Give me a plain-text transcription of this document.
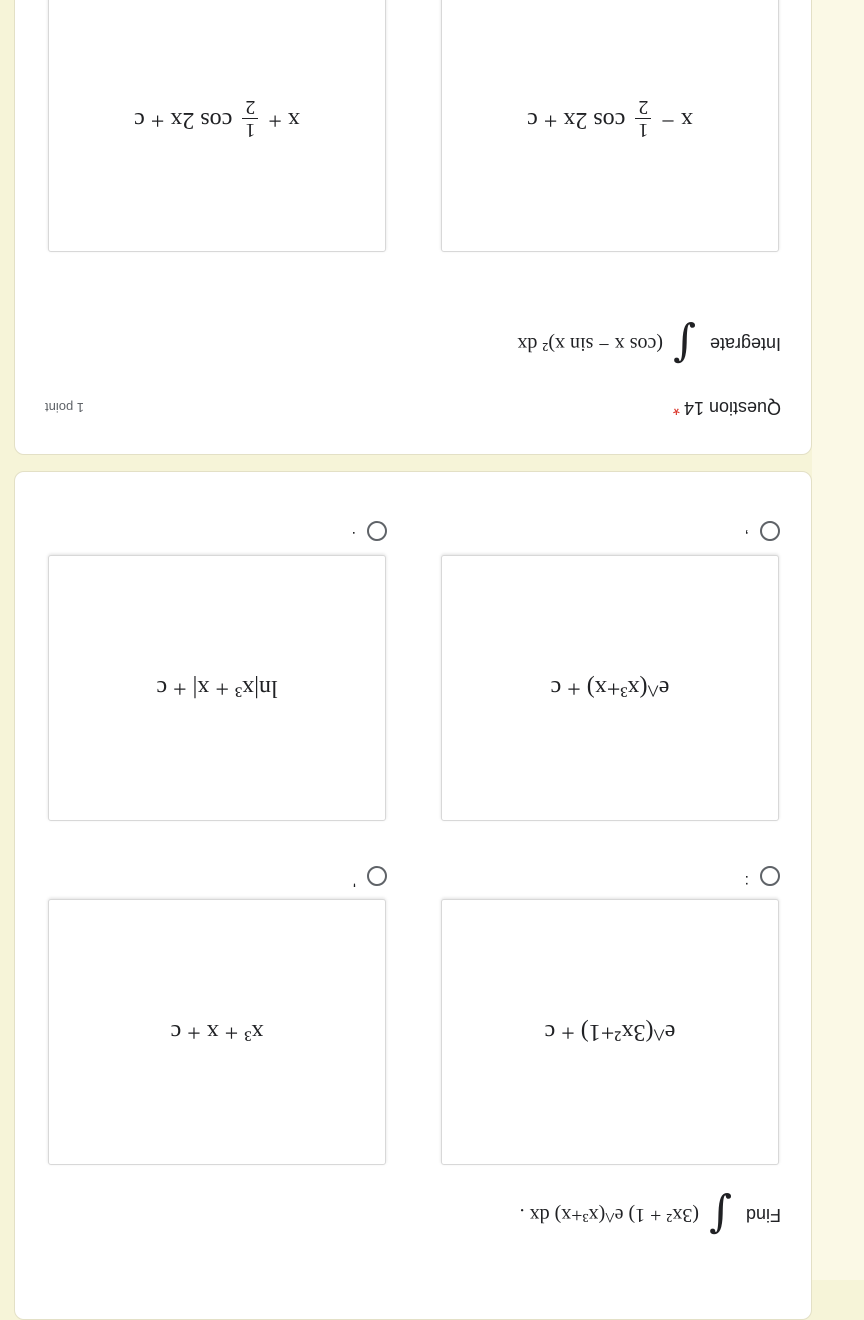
Find
∫
(3x² + 1) e^(x³+x) dx .
e^(3x²+1) + c
:
x³ + x + c
'
e^(x³+x) + c
,
ln|x³ + x| + c
.
Question 14*
1 point
Integrate
∫
(cos x − sin x)² dx
x −
1
2
cos 2x + c
x +
1
2
cos 2x + c
